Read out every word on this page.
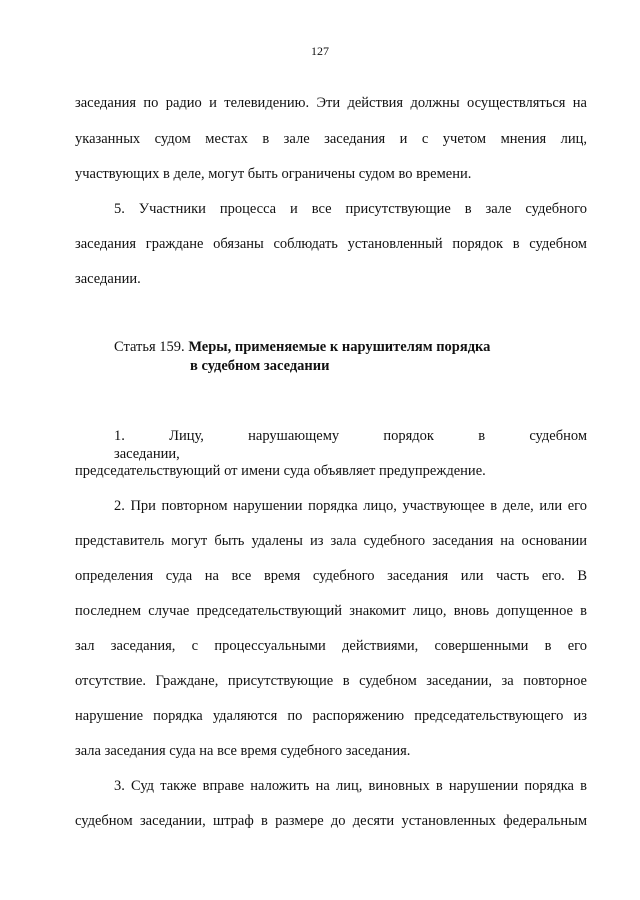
127
заседания по радио и телевидению. Эти действия должны осуществляться на
указанных судом местах в зале заседания и с учетом мнения лиц,
участвующих в деле, могут быть ограничены судом во времени.
5. Участники процесса и все присутствующие в зале судебного
заседания граждане обязаны соблюдать установленный порядок в судебном
заседании.
Статья 159. Меры, применяемые к нарушителям порядка
в судебном заседании
1. Лицу, нарушающему порядок в судебном заседании,
председательствующий от имени суда объявляет предупреждение.
2. При повторном нарушении порядка лицо, участвующее в деле, или его
представитель могут быть удалены из зала судебного заседания на основании
определения суда на все время судебного заседания или часть его. В
последнем случае председательствующий знакомит лицо, вновь допущенное в
зал заседания, с процессуальными действиями, совершенными в его
отсутствие. Граждане, присутствующие в судебном заседании, за повторное
нарушение порядка удаляются по распоряжению председательствующего из
зала заседания суда на все время судебного заседания.
3. Суд также вправе наложить на лиц, виновных в нарушении порядка в
судебном заседании, штраф в размере до десяти установленных федеральным
